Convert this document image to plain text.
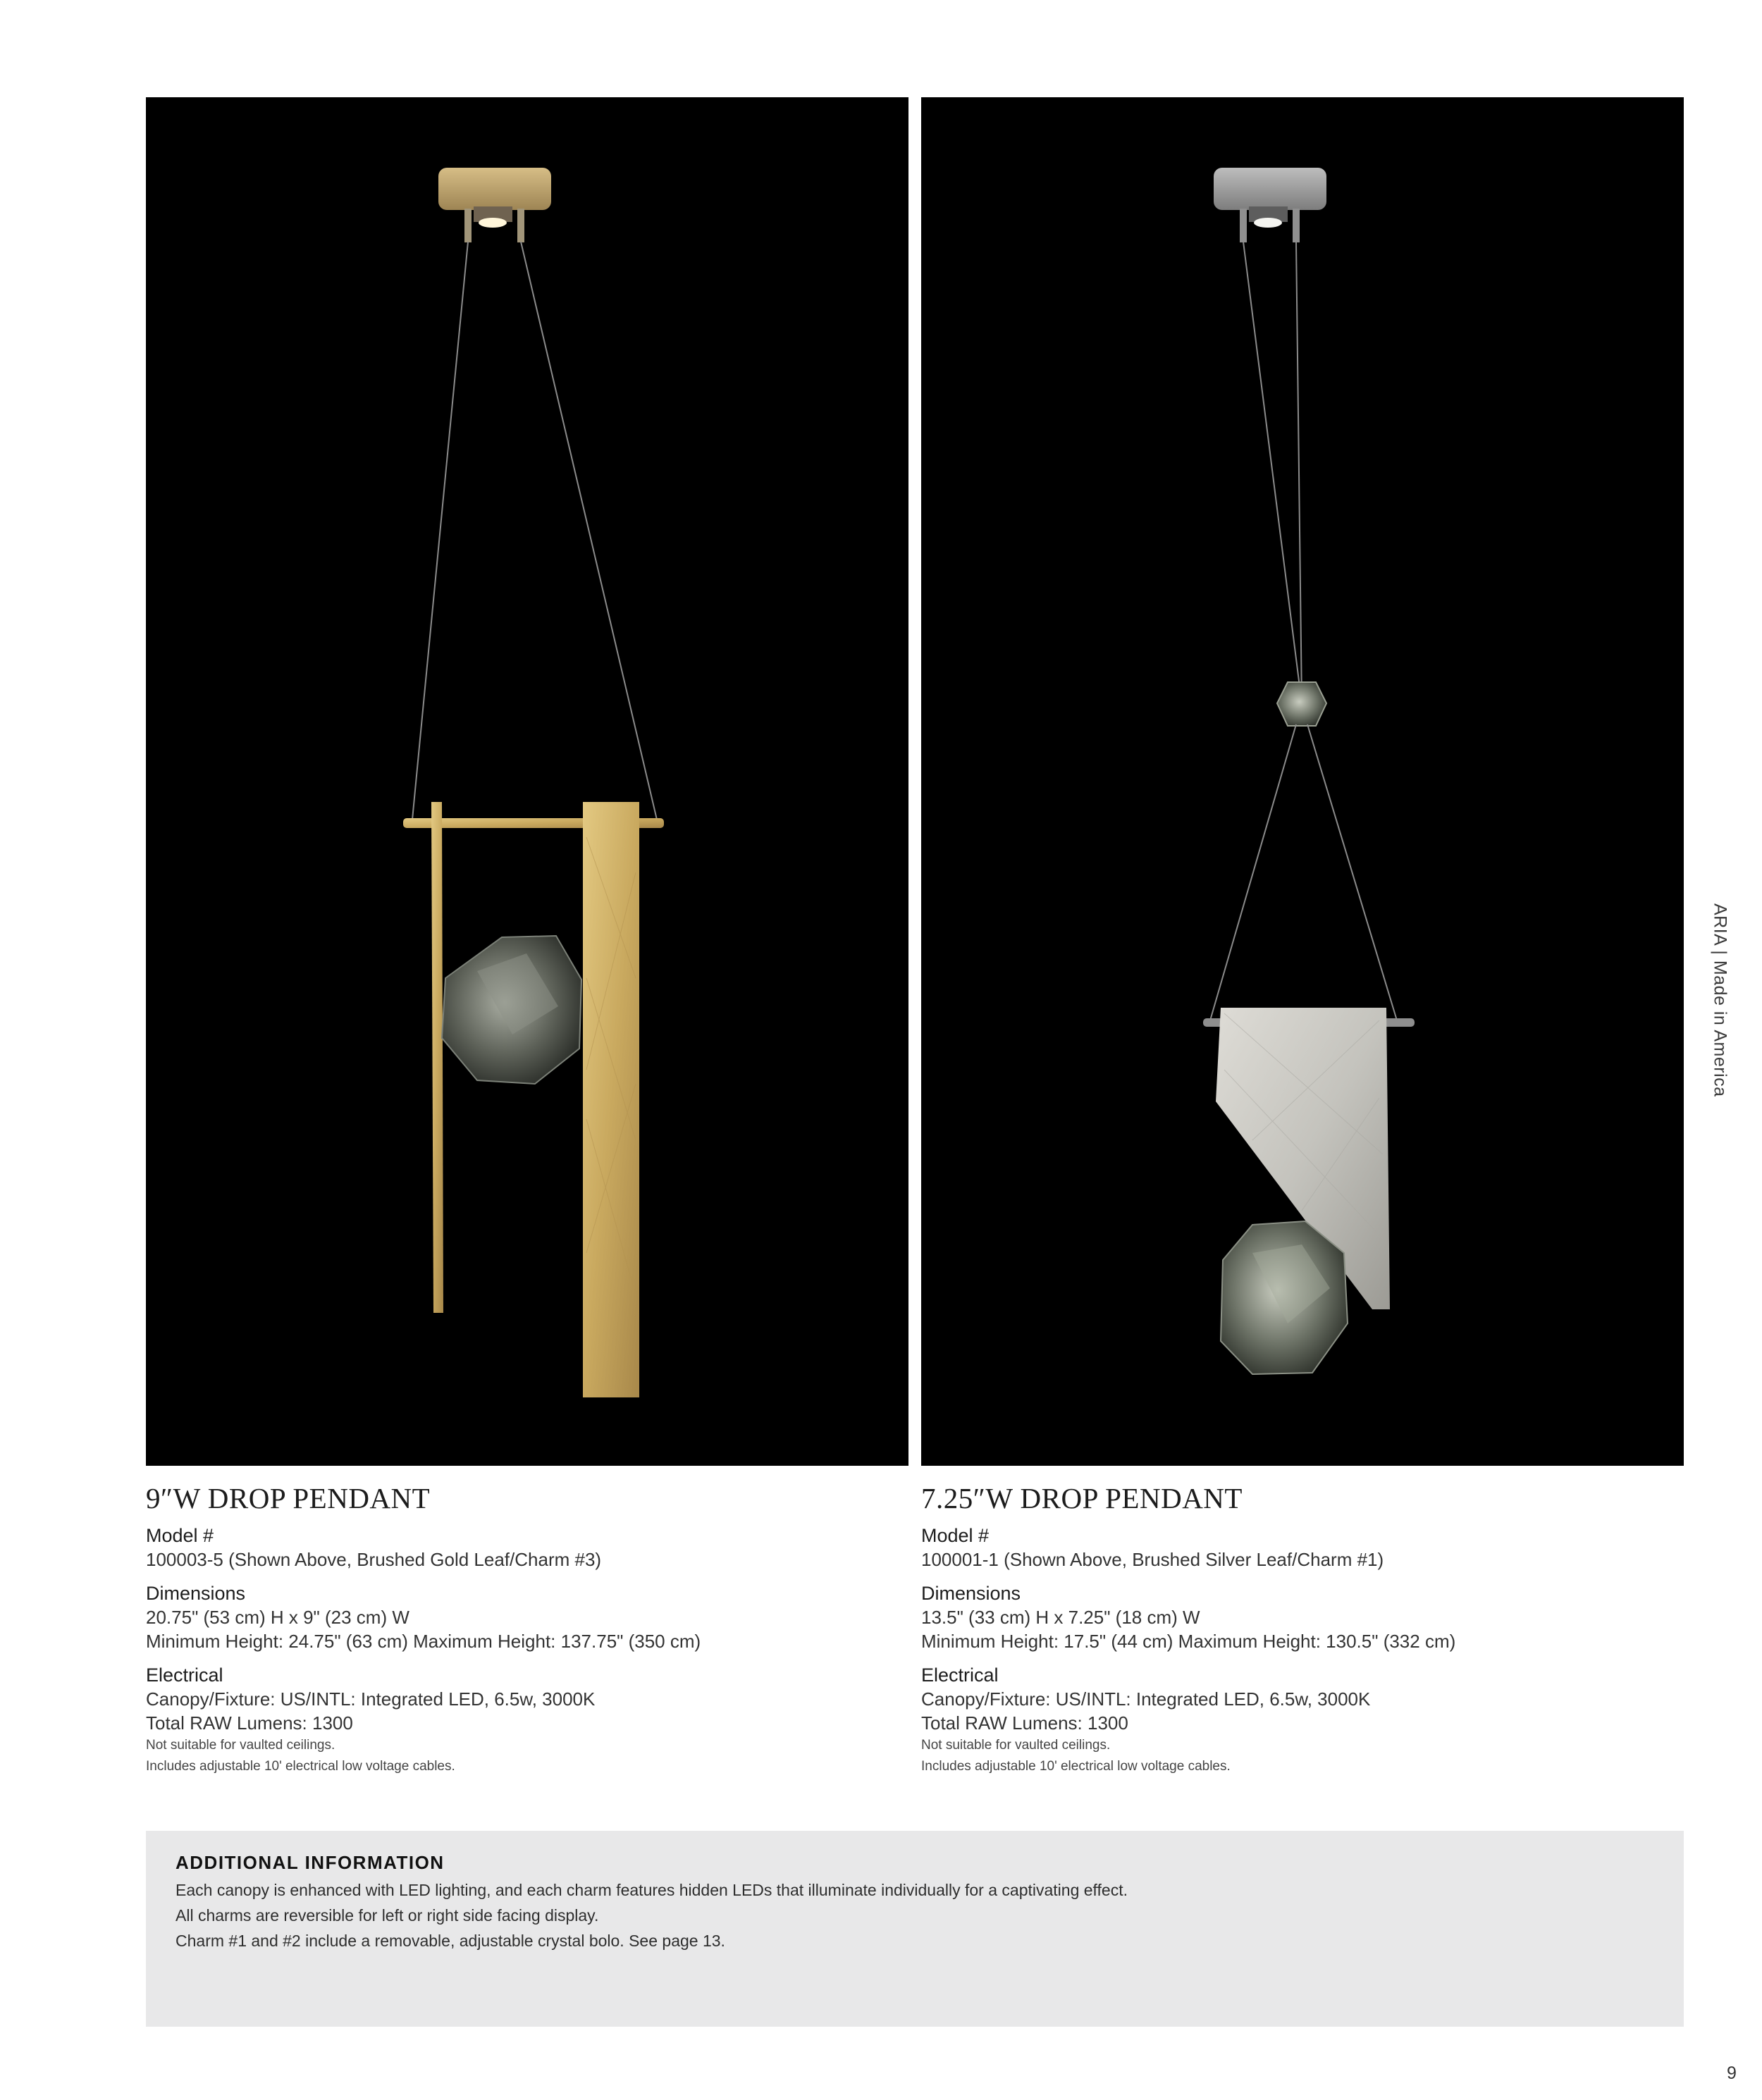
9″W DROP PENDANT
Model #
100003-5 (Shown Above, Brushed Gold Leaf/Charm #3)
Dimensions
20.75" (53 cm) H x 9" (23 cm) W
Minimum Height: 24.75" (63 cm) Maximum Height: 137.75" (350 cm)
Electrical
Canopy/Fixture: US/INTL: Integrated LED, 6.5w, 3000K
Total RAW Lumens: 1300
Not suitable for vaulted ceilings.
Includes adjustable 10' electrical low voltage cables.
7.25″W DROP PENDANT
Model #
100001-1 (Shown Above, Brushed Silver Leaf/Charm #1)
Dimensions
13.5" (33 cm) H x 7.25" (18 cm) W
Minimum Height: 17.5" (44 cm) Maximum Height: 130.5" (332 cm)
Electrical
Canopy/Fixture: US/INTL: Integrated LED, 6.5w, 3000K
Total RAW Lumens: 1300
Not suitable for vaulted ceilings.
Includes adjustable 10' electrical low voltage cables.
ARIA | Made in America
ADDITIONAL INFORMATION
Each canopy is enhanced with LED lighting, and each charm features hidden LEDs that illuminate individually for a captivating effect.
All charms are reversible for left or right side facing display.
Charm #1 and #2 include a removable, adjustable crystal bolo. See page 13.
9
